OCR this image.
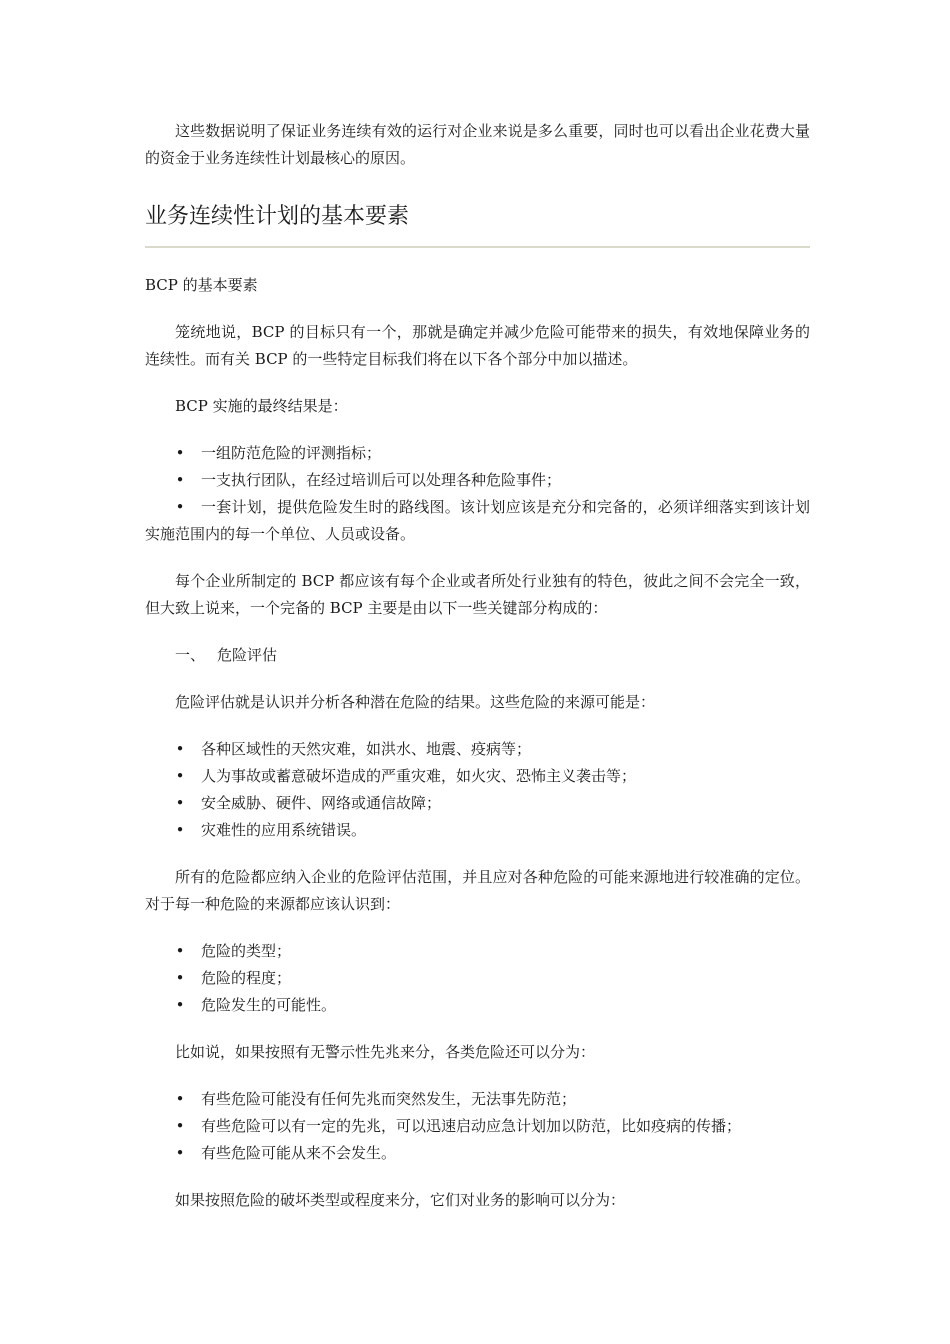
这些数据说明了保证业务连续有效的运行对企业来说是多么重要，同时也可以看出企业花费大量的资金于业务连续性计划最核心的原因。

业务连续性计划的基本要素

BCP 的基本要素

笼统地说，BCP 的目标只有一个，那就是确定并减少危险可能带来的损失，有效地保障业务的连续性。而有关 BCP 的一些特定目标我们将在以下各个部分中加以描述。

BCP 实施的最终结果是：

• 一组防范危险的评测指标；
• 一支执行团队，在经过培训后可以处理各种危险事件；
• 一套计划，提供危险发生时的路线图。该计划应该是充分和完备的，必须详细落实到该计划实施范围内的每一个单位、人员或设备。

每个企业所制定的 BCP 都应该有每个企业或者所处行业独有的特色，彼此之间不会完全一致，但大致上说来，一个完备的 BCP 主要是由以下一些关键部分构成的：

一、 危险评估

危险评估就是认识并分析各种潜在危险的结果。这些危险的来源可能是：

• 各种区域性的天然灾难，如洪水、地震、疫病等；
• 人为事故或蓄意破坏造成的严重灾难，如火灾、恐怖主义袭击等；
• 安全威胁、硬件、网络或通信故障；
• 灾难性的应用系统错误。

所有的危险都应纳入企业的危险评估范围，并且应对各种危险的可能来源地进行较准确的定位。对于每一种危险的来源都应该认识到：

• 危险的类型；
• 危险的程度；
• 危险发生的可能性。

比如说，如果按照有无警示性先兆来分，各类危险还可以分为：

• 有些危险可能没有任何先兆而突然发生，无法事先防范；
• 有些危险可以有一定的先兆，可以迅速启动应急计划加以防范，比如疫病的传播；
• 有些危险可能从来不会发生。

如果按照危险的破坏类型或程度来分，它们对业务的影响可以分为：
